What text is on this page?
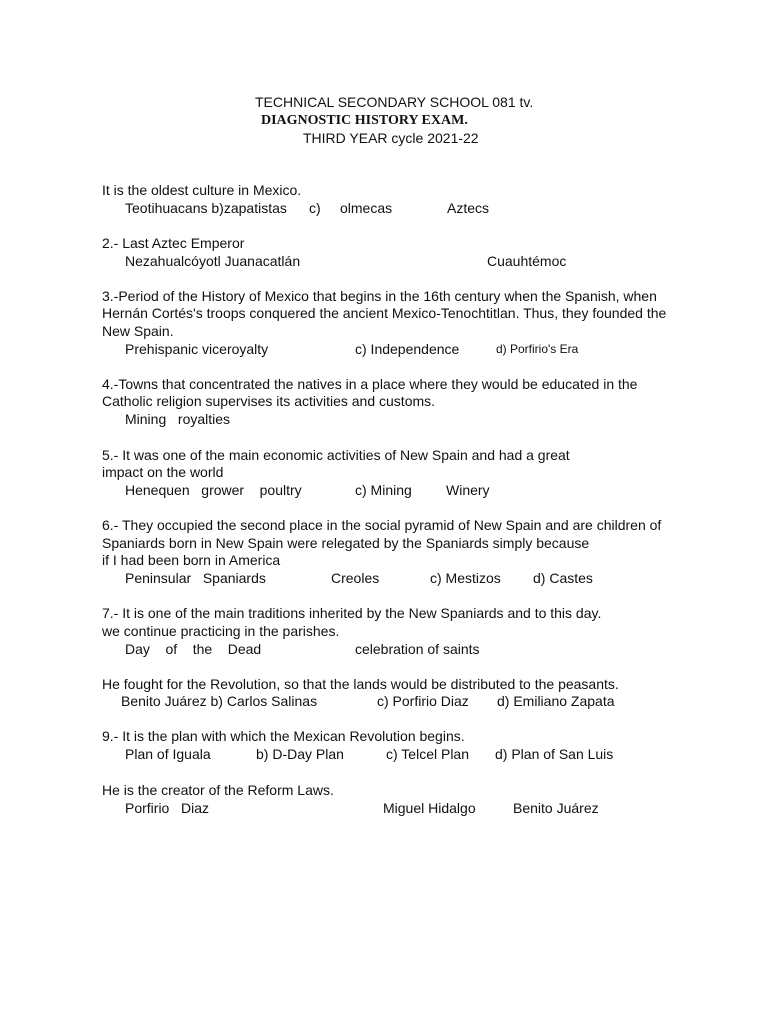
TECHNICAL SECONDARY SCHOOL 081 tv.
DIAGNOSTIC HISTORY EXAM.
THIRD YEAR cycle 2021-22
It is the oldest culture in Mexico.
Teotihuacans b)zapatistas c) olmecas	Aztecs
2.- Last Aztec Emperor
Nezahualcóyotl Juanacatlán	Cuauhtémoc
3.-Period of the History of Mexico that begins in the 16th century when the Spanish, when
Hernán Cortés's troops conquered the ancient Mexico-Tenochtitlan. Thus, they founded the
New Spain.
Prehispanic viceroyalty	c) Independence	d) Porfirio's Era
4.-Towns that concentrated the natives in a place where they would be educated in the
Catholic religion supervises its activities and customs.
Mining   royalties
5.- It was one of the main economic activities of New Spain and had a great
impact on the world
Henequen   grower    poultry	c) Mining Winery
6.- They occupied the second place in the social pyramid of New Spain and are children of
Spaniards born in New Spain were relegated by the Spaniards simply because
if I had been born in America
Peninsular   Spaniards	Creoles	c) Mestizos d) Castes
7.- It is one of the main traditions inherited by the New Spaniards and to this day.
we continue practicing in the parishes.
Day    of    the    Dead	celebration of saints
He fought for the Revolution, so that the lands would be distributed to the peasants.
Benito Juárez b) Carlos Salinas	c) Porfirio Diaz d) Emiliano Zapata
9.- It is the plan with which the Mexican Revolution begins.
Plan of Iguala	b) D-Day Plan	c) Telcel Plan d) Plan of San Luis
He is the creator of the Reform Laws.
Porfirio   Diaz	Miguel Hidalgo	Benito Juárez
